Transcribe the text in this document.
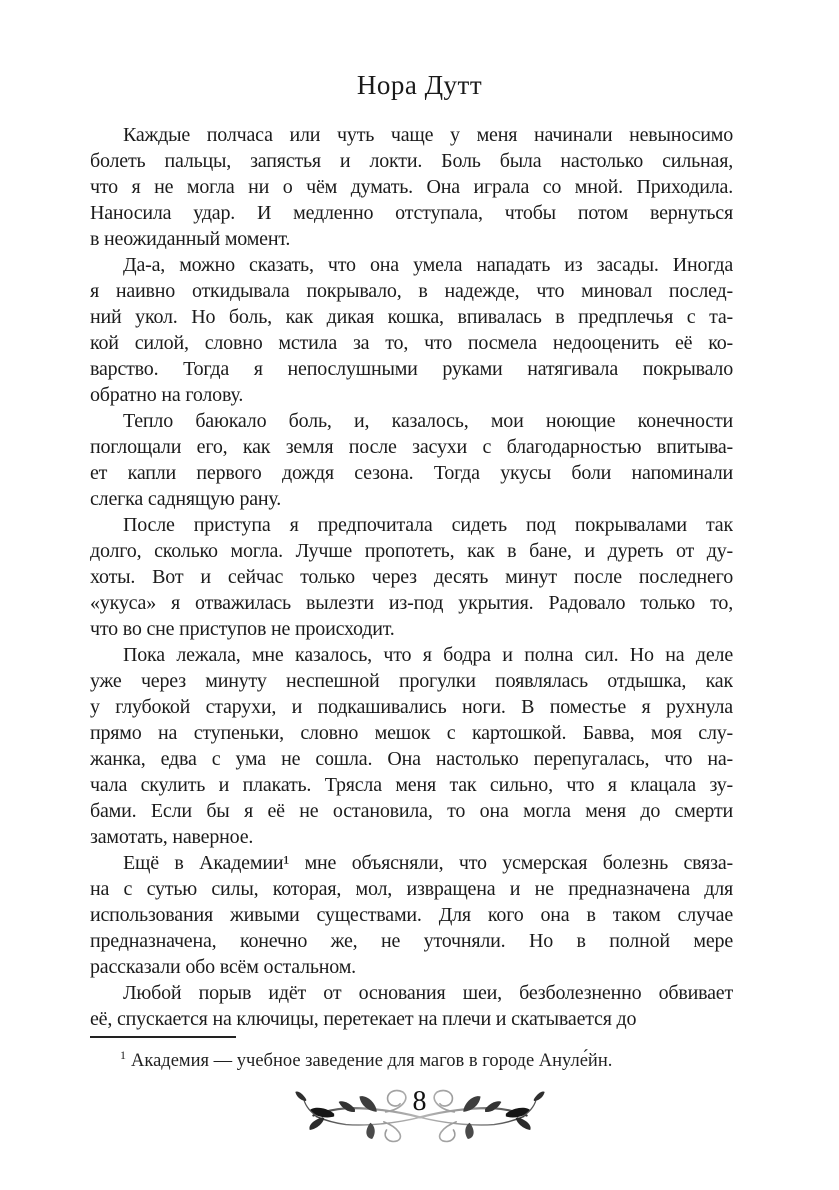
Нора Дутт
Каждые полчаса или чуть чаще у меня начинали невыносимо
болеть пальцы, запястья и локти. Боль была настолько сильная,
что я не могла ни о чём думать. Она играла со мной. Приходила.
Наносила удар. И медленно отступала, чтобы потом вернуться
в неожиданный момент.
Да-а, можно сказать, что она умела нападать из засады. Иногда
я наивно откидывала покрывало, в надежде, что миновал послед-
ний укол. Но боль, как дикая кошка, впивалась в предплечья с та-
кой силой, словно мстила за то, что посмела недооценить её ко-
варство. Тогда я непослушными руками натягивала покрывало
обратно на голову.
Тепло баюкало боль, и, казалось, мои ноющие конечности
поглощали его, как земля после засухи с благодарностью впитыва-
ет капли первого дождя сезона. Тогда укусы боли напоминали
слегка саднящую рану.
После приступа я предпочитала сидеть под покрывалами так
долго, сколько могла. Лучше пропотеть, как в бане, и дуреть от ду-
хоты. Вот и сейчас только через десять минут после последнего
«укуса» я отважилась вылезти из-под укрытия. Радовало только то,
что во сне приступов не происходит.
Пока лежала, мне казалось, что я бодра и полна сил. Но на деле
уже через минуту неспешной прогулки появлялась отдышка, как
у глубокой старухи, и подкашивались ноги. В поместье я рухнула
прямо на ступеньки, словно мешок с картошкой. Бавва, моя слу-
жанка, едва с ума не сошла. Она настолько перепугалась, что на-
чала скулить и плакать. Трясла меня так сильно, что я клацала зу-
бами. Если бы я её не остановила, то она могла меня до смерти
замотать, наверное.
Ещё в Академии¹ мне объясняли, что усмерская болезнь связа-
на с сутью силы, которая, мол, извращена и не предназначена для
использования живыми существами. Для кого она в таком случае
предназначена, конечно же, не уточняли. Но в полной мере
рассказали обо всём остальном.
Любой порыв идёт от основания шеи, безболезненно обвивает
её, спускается на ключицы, перетекает на плечи и скатывается до
$^1$ Академия — учебное заведение для магов в городе Ануле́йн.
8
